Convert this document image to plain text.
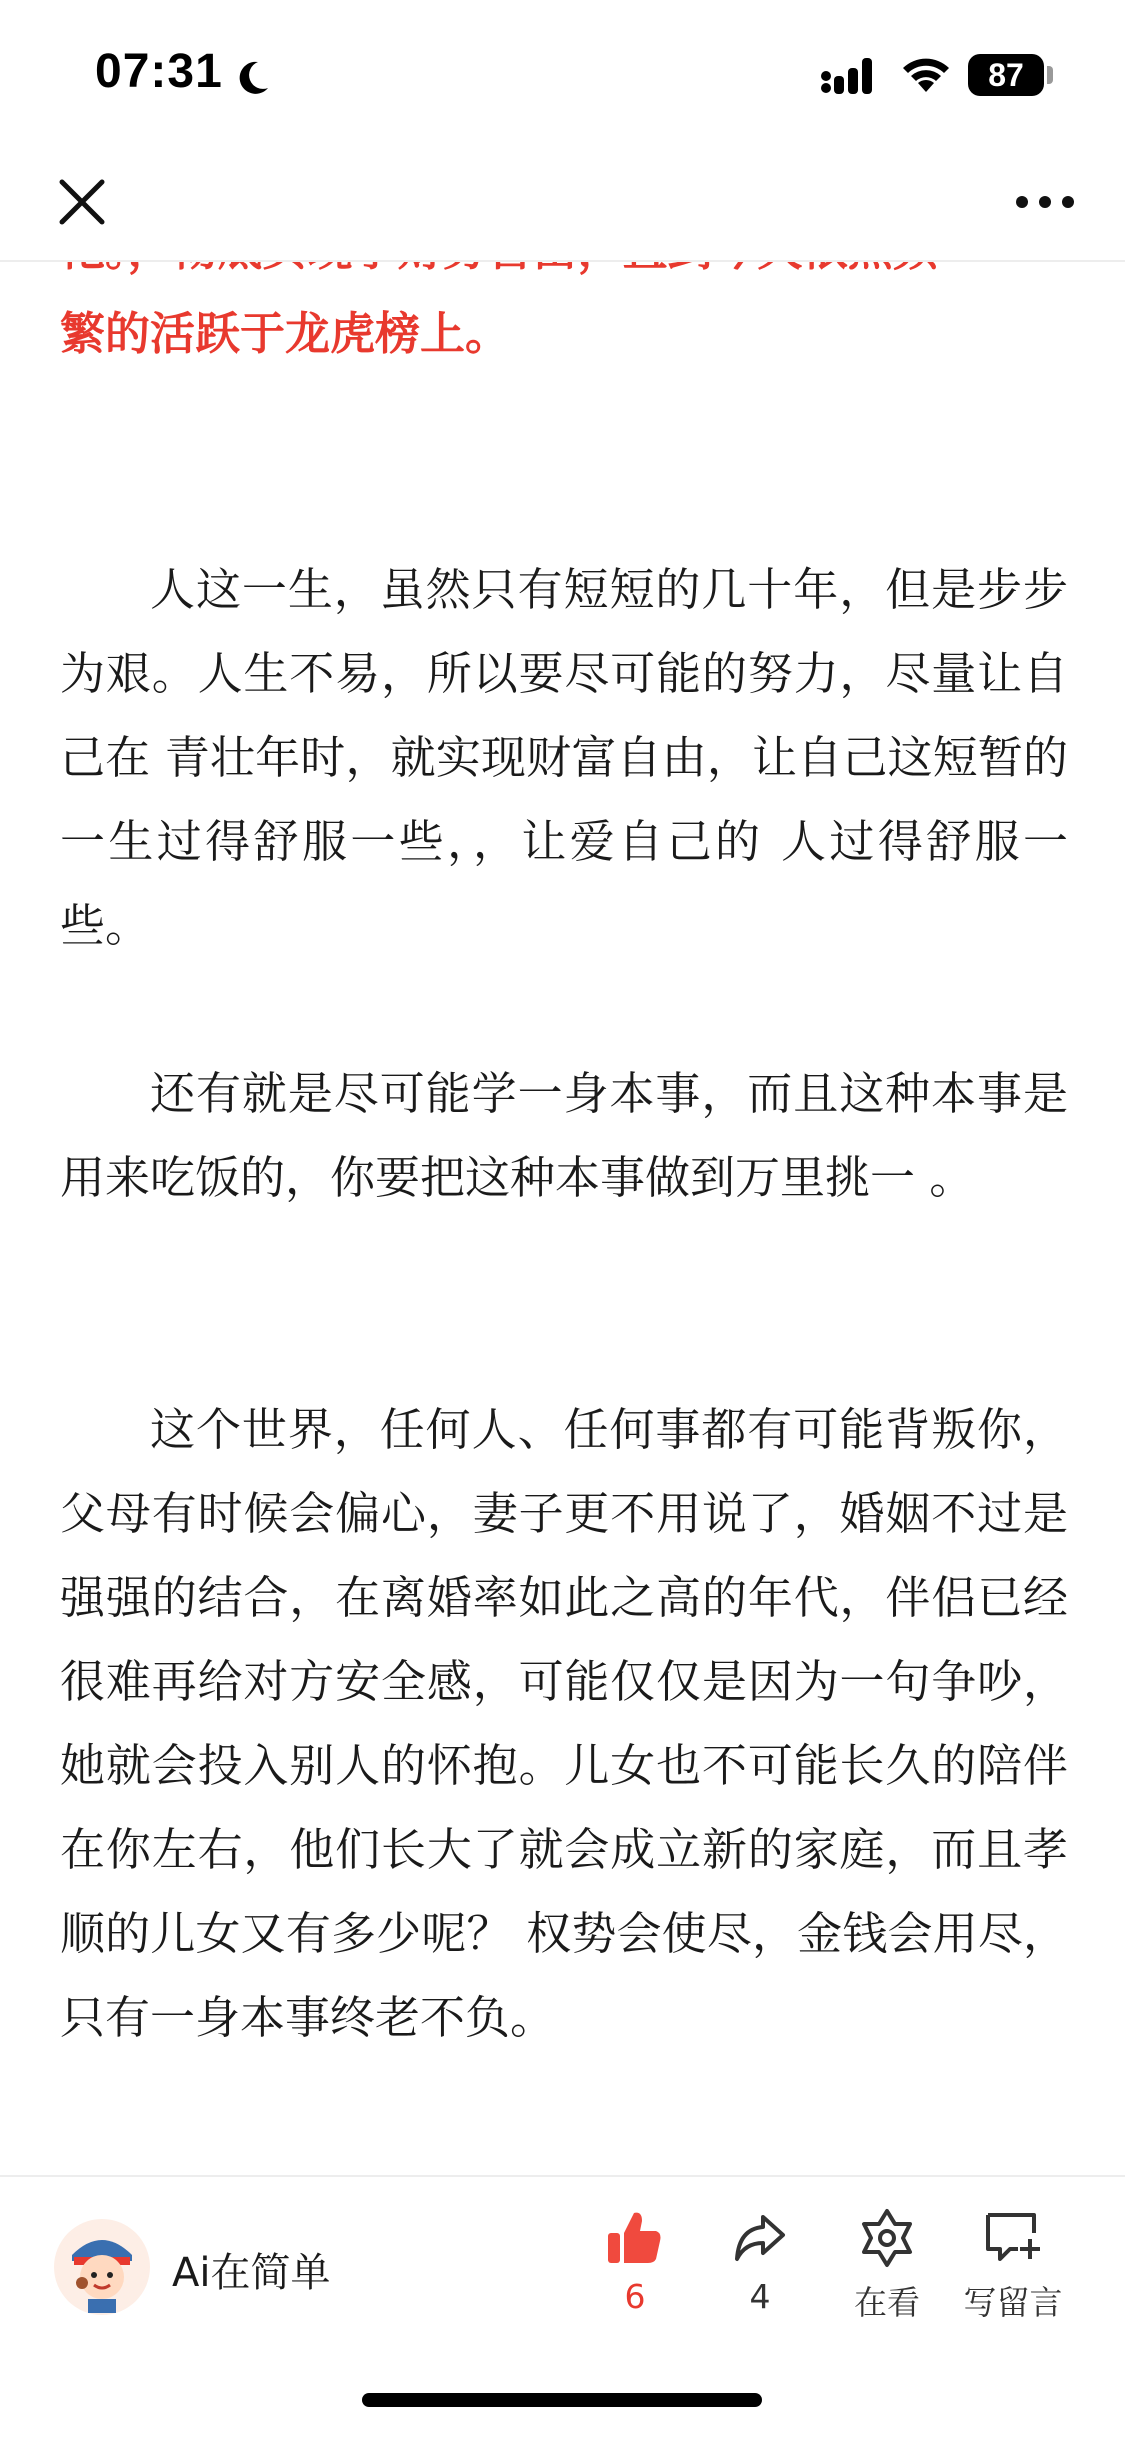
07:31	87

繁的活跃于龙虎榜上。

人这一生，虽然只有短短的几十年，但是步步为艰。人生不易，所以要尽可能的努力，尽量让自己在 青壮年时，就实现财富自由，让自己这短暂的一生过得舒服一些，，让爱自己的 人过得舒服一些。

还有就是尽可能学一身本事，而且这种本事是用来吃饭的，你要把这种本事做到万里挑一 。

这个世界，任何人、任何事都有可能背叛你，父母有时候会偏心，妻子更不用说了，婚姻不过是强强的结合，在离婚率如此之高的年代，伴侣已经很难再给对方安全感，可能仅仅是因为一句争吵，她就会投入别人的怀抱。儿女也不可能长久的陪伴在你左右，他们长大了就会成立新的家庭，而且孝顺的儿女又有多少呢？ 权势会使尽，金钱会用尽，只有一身本事终老不负。

Ai在简单
6	4	在看	写留言
